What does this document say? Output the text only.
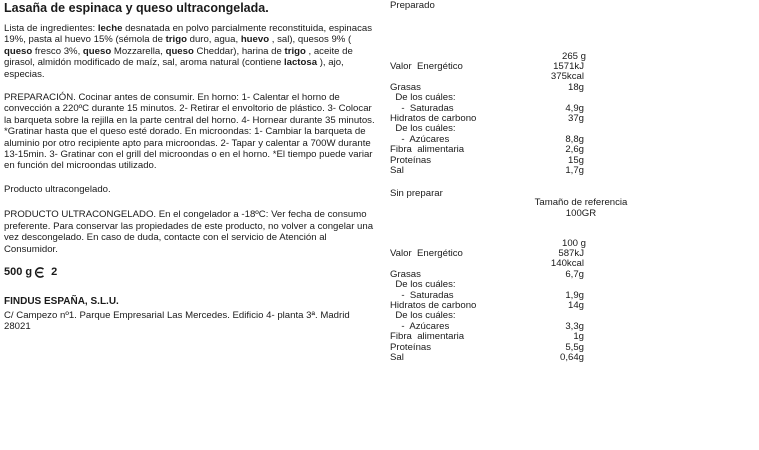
Lasaña de espinaca y queso ultracongelada.

Lista de ingredientes: leche desnatada en polvo parcialmente reconstituida, espinacas 19%, pasta al huevo 15% (sémola de trigo duro, agua, huevo , sal), quesos 9% ( queso fresco 3%, queso Mozzarella, queso Cheddar), harina de trigo , aceite de girasol, almidón modificado de maíz, sal, aroma natural (contiene lactosa ), ajo, especias.

PREPARACIÓN. Cocinar antes de consumir. En horno: 1- Calentar el horno de convección a 220ºC durante 15 minutos. 2- Retirar el envoltorio de plástico. 3- Colocar la barqueta sobre la rejilla en la parte central del horno. 4- Hornear durante 35 minutos. *Gratinar hasta que el queso esté dorado. En microondas: 1- Cambiar la barqueta de aluminio por otro recipiente apto para microondas. 2- Tapar y calentar a 700W durante 13-15min. 3- Gratinar con el grill del microondas o en el horno. *El tiempo puede variar en función del microondas utilizado.

Producto ultracongelado.

PRODUCTO ULTRACONGELADO. En el congelador a -18ºC: Ver fecha de consumo preferente. Para conservar las propiedades de este producto, no volver a congelar una vez descongelado. En caso de duda, contacte con el servicio de Atención al Consumidor.

500 g 2
FINDUS ESPAÑA, S.L.U.
C/ Campezo nº1. Parque Empresarial Las Mercedes. Edificio 4- planta 3ª. Madrid 28021
Preparado
265 g
Valor  Energético	1571kJ
375kcal
Grasas	18g
De los cuáles:
-  Saturadas	4,9g
Hidratos de carbono	37g
De los cuáles:
-  Azúcares	8,8g
Fibra  alimentaria	2,6g
Proteínas	15g
Sal	1,7g
Sin preparar
Tamaño de referencia
100GR
100 g
Valor  Energético	587kJ
140kcal
Grasas	6,7g
De los cuáles:
-  Saturadas	1,9g
Hidratos de carbono	14g
De los cuáles:
-  Azúcares	3,3g
Fibra  alimentaria	1g
Proteínas	5,5g
Sal	0,64g
